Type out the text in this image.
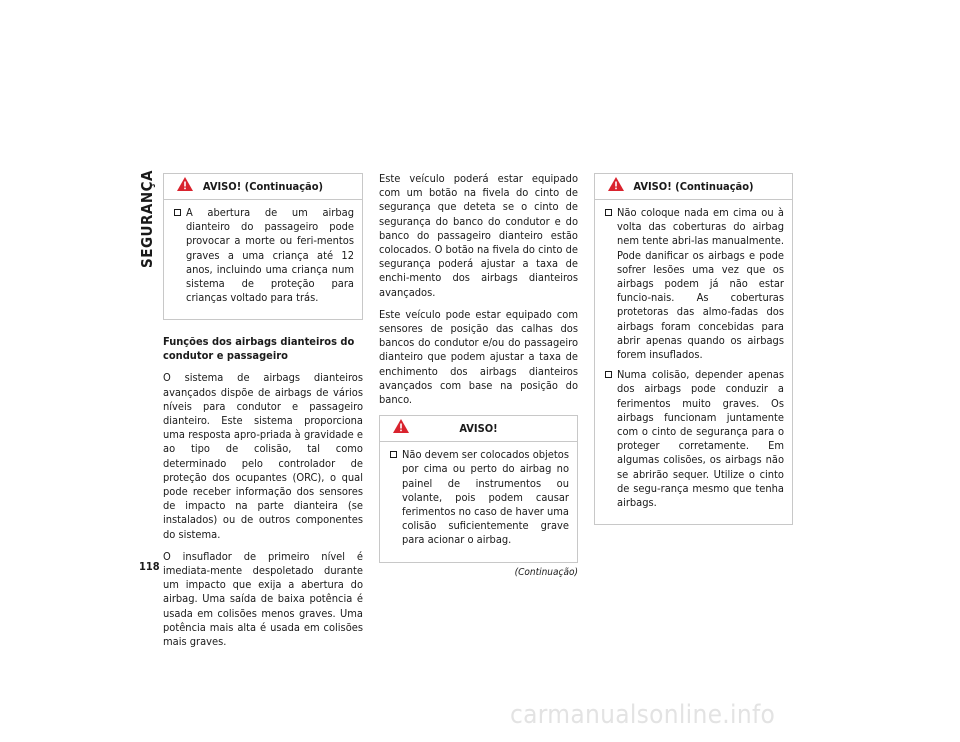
SEGURANÇA
118
AVISO! (Continuação)
A abertura de um airbag dianteiro do passageiro pode provocar a morte ou feri-mentos graves a uma criança até 12 anos, incluindo uma criança num sistema de proteção para crianças voltado para trás.
Funções dos airbags dianteiros do condutor e passageiro

O sistema de airbags dianteiros avançados dispõe de airbags de vários níveis para condutor e passageiro dianteiro. Este sistema proporciona uma resposta apro-priada à gravidade e ao tipo de colisão, tal como determinado pelo controlador de proteção dos ocupantes (ORC), o qual pode receber informação dos sensores de impacto na parte dianteira (se instalados) ou de outros componentes do sistema.

O insuflador de primeiro nível é imediata-mente despoletado durante um impacto que exija a abertura do airbag. Uma saída de baixa potência é usada em colisões menos graves. Uma potência mais alta é usada em colisões mais graves.

Este veículo poderá estar equipado com um botão na fivela do cinto de segurança que deteta se o cinto de segurança do banco do condutor e do banco do passageiro dianteiro estão colocados. O botão na fivela do cinto de segurança poderá ajustar a taxa de enchi-mento dos airbags dianteiros avançados.

Este veículo pode estar equipado com sensores de posição das calhas dos bancos do condutor e/ou do passageiro dianteiro que podem ajustar a taxa de enchimento dos airbags dianteiros avançados com base na posição do banco.

AVISO!
Não devem ser colocados objetos por cima ou perto do airbag no painel de instrumentos ou volante, pois podem causar ferimentos no caso de haver uma colisão suficientemente grave para acionar o airbag.
(Continuação)
AVISO! (Continuação)
Não coloque nada em cima ou à volta das coberturas do airbag nem tente abri-las manualmente. Pode danificar os airbags e pode sofrer lesões uma vez que os airbags podem já não estar funcio-nais. As coberturas protetoras das almo-fadas dos airbags foram concebidas para abrir apenas quando os airbags forem insuflados.
Numa colisão, depender apenas dos airbags pode conduzir a ferimentos muito graves. Os airbags funcionam juntamente com o cinto de segurança para o proteger corretamente. Em algumas colisões, os airbags não se abrirão sequer. Utilize o cinto de segu-rança mesmo que tenha airbags.
carmanualsonline.info
